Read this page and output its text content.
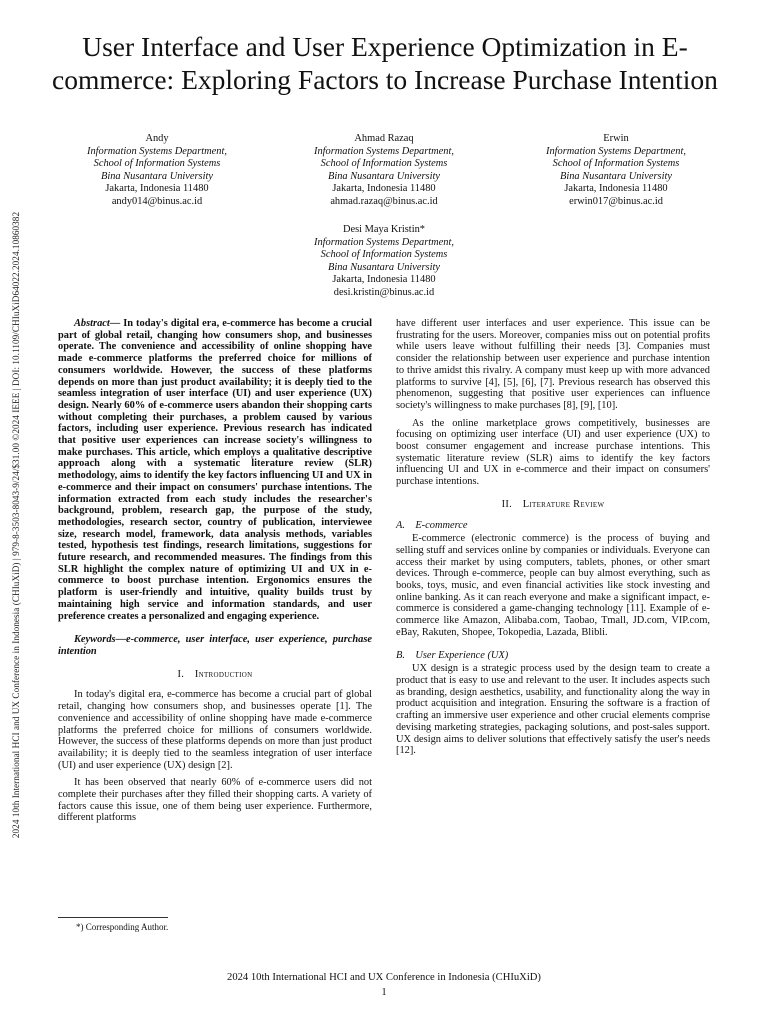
2024 10th International HCI and UX Conference in Indonesia (CHIuXiD) | 979-8-3503-8043-9/24/$31.00 ©2024 IEEE | DOI: 10.1109/CHIuXiD64022.2024.10860382
User Interface and User Experience Optimization in E-commerce: Exploring Factors to Increase Purchase Intention
Andy
Information Systems Department,
School of Information Systems
Bina Nusantara University
Jakarta, Indonesia 11480
andy014@binus.ac.id
Ahmad Razaq
Information Systems Department,
School of Information Systems
Bina Nusantara University
Jakarta, Indonesia 11480
ahmad.razaq@binus.ac.id
Erwin
Information Systems Department,
School of Information Systems
Bina Nusantara University
Jakarta, Indonesia 11480
erwin017@binus.ac.id
Desi Maya Kristin*
Information Systems Department,
School of Information Systems
Bina Nusantara University
Jakarta, Indonesia 11480
desi.kristin@binus.ac.id

Abstract— In today's digital era, e-commerce has become a crucial part of global retail, changing how consumers shop, and businesses operate. The convenience and accessibility of online shopping have made e-commerce platforms the preferred choice for millions of consumers worldwide. However, the success of these platforms depends on more than just product availability; it is deeply tied to the seamless integration of user interface (UI) and user experience (UX) design. Nearly 60% of e-commerce users abandon their shopping carts without completing their purchases, a problem caused by various factors, including user experience. Previous research has indicated that positive user experiences can increase society's willingness to make purchases. This article, which employs a qualitative descriptive approach along with a systematic literature review (SLR) methodology, aims to identify the key factors influencing UI and UX in e-commerce and their impact on consumers' purchase intentions. The information extracted from each study includes the researcher's background, problem, research gap, the purpose of the study, methodologies, research sector, country of publication, interviewee size, research model, framework, data analysis methods, variables tested, hypothesis test findings, research limitations, suggestions for future research, and recommended measures. The findings from this SLR highlight the complex nature of optimizing UI and UX in e-commerce to boost purchase intention. Ergonomics ensures the platform is user-friendly and intuitive, quality builds trust by maintaining high service and information standards, and user preference creates a personalized and engaging experience.

Keywords—e-commerce, user interface, user experience, purchase intention

I. Introduction

In today's digital era, e-commerce has become a crucial part of global retail, changing how consumers shop, and businesses operate [1]. The convenience and accessibility of online shopping have made e-commerce platforms the preferred choice for millions of consumers worldwide. However, the success of these platforms depends on more than just product availability; it is deeply tied to the seamless integration of user interface (UI) and user experience (UX) design [2].

It has been observed that nearly 60% of e-commerce users did not complete their purchases after they filled their shopping carts. A variety of factors cause this issue, one of them being user experience. Furthermore, different platforms

have different user interfaces and user experience. This issue can be frustrating for the users. Moreover, companies miss out on potential profits while users leave without fulfilling their needs [3]. Companies must consider the relationship between user experience and purchase intention to thrive amidst this rivalry. A company must keep up with more advanced platforms to survive [4], [5], [6], [7]. Previous research has observed this phenomenon, suggesting that positive user experiences can influence society's willingness to make purchases [8], [9], [10].

As the online marketplace grows competitively, businesses are focusing on optimizing user interface (UI) and user experience (UX) to boost consumer engagement and increase purchase intentions. This systematic literature review (SLR) aims to identify the key factors influencing UI and UX in e-commerce and their impact on consumers' purchase intentions.

II. Literature Review
A. E-commerce

E-commerce (electronic commerce) is the process of buying and selling stuff and services online by companies or individuals. Everyone can access their market by using computers, tablets, phones, or other smart devices. Through e-commerce, people can buy almost everything, such as books, toys, music, and even financial activities like stock investing and online banking. As it can reach everyone and make a significant impact, e-commerce is considered a game-changing technology [11]. Example of e-commerce like Amazon, Alibaba.com, Taobao, Tmall, JD.com, VIP.com, eBay, Rakuten, Shopee, Tokopedia, Lazada, Blibli.

B. User Experience (UX)

UX design is a strategic process used by the design team to create a product that is easy to use and relevant to the user. It includes aspects such as branding, design aesthetics, usability, and functionality along the way in product acquisition and integration. Ensuring the software is a fraction of crafting an immersive user experience and other crucial elements comprise devising marketing strategies, packaging solutions, and post-sales support. UX design aims to deliver solutions that effectively satisfy the user's needs [12].

*) Corresponding Author.
2024 10th International HCI and UX Conference in Indonesia (CHIuXiD)
1
